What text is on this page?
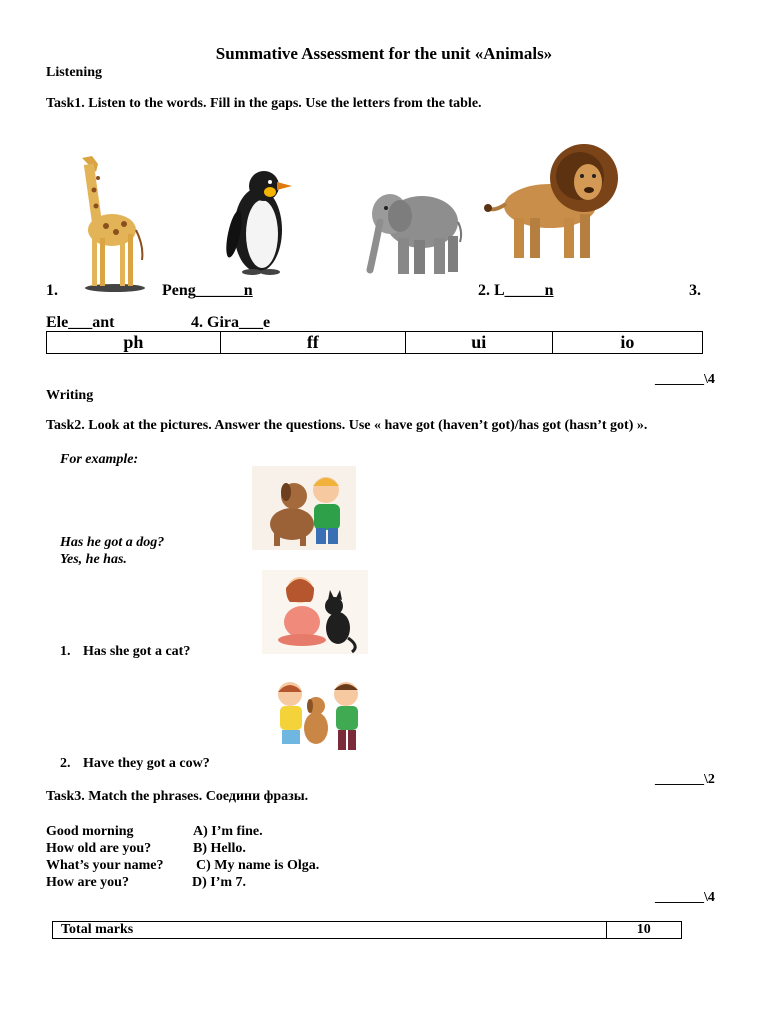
Summative Assessment for the unit «Animals»
Listening
Task1. Listen to the words. Fill in the gaps. Use the letters from the table.
1.	Peng______n	2. L_____n	3.
Ele___ant	4. Gira___e
ph	ff	ui	io
_______\4
Writing
Task2. Look at the pictures. Answer the questions. Use « have got (haven’t got)/has got (hasn’t got) ».
For example:
Has he got a dog?
Yes, he has.
1. Has she got a cat?
2. Have they got a cow?
_______\2
Task3. Match the phrases. Соедини фразы.
Good morning	A) I’m fine.
How old are you?	B) Hello.
What’s your name? C) My name is Olga.
How are you?	D) I’m 7.
_______\4
Total marks	10
